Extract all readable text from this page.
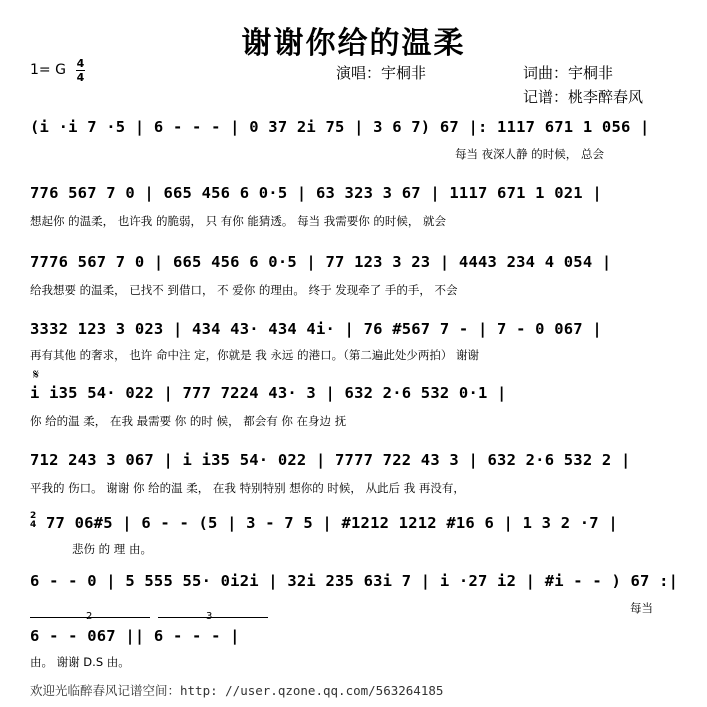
谢谢你给的温柔
1= G 4
4	演唱：宇桐非	词曲：宇桐非
记谱：桃李醉春风
(i ·i 7 ·5 | 6 - - - | 0 37 2i 75 | 3 6 7) 67 |: 1117 671 1 056 |
每当 夜深人静 的时候， 总会
776 567 7 0 | 665 456 6 0·5 | 63 323 3 67 | 1117 671 1 021 |
想起你 的温柔， 也许我 的脆弱， 只 有你 能猜透。 每当 我需要你 的时候， 就会
7776 567 7 0 | 665 456 6 0·5 | 77 123 3 23 | 4443 234 4 054 |
给我想要 的温柔， 已找不 到借口， 不 爱你 的理由。 终于 发现牵了 手的手， 不会
3332 123 3 023 | 434 43· 434 4i· | 76 #567 7 - | 7 - 0 067 |
再有其他 的奢求， 也许 命中注 定，你就是 我 永远 的港口。（第二遍此处少两拍） 谢谢
𝄋
i i35 54· 022 | 777 7224 43· 3 | 632 2·6 532 0·1 |
你 给的温 柔， 在我 最需要 你 的时 候， 都会有 你 在身边 抚
712 243 3 067 | i i35 54· 022 | 7777 722 43 3 | 632 2·6 532 2 |
平我的 伤口。 谢谢 你 给的温 柔， 在我 特别特别 想你的 时候， 从此后 我 再没有，
2
4 77 06#5 | 6 - - (5 | 3 - 7 5 | #1212 1212 #16 6 | 1 3 2 ·7 |
悲伤 的 理 由。
6 - - 0 | 5 555 55· 0i2i | 32i 235 63i 7 | i ·27 i2 | #i - - ) 67 :|
每当
2	3
6 - - 067 || 6 - - - |
由。 谢谢 D.S 由。
欢迎光临醉春风记谱空间：http: //user.qzone.qq.com/563264185
